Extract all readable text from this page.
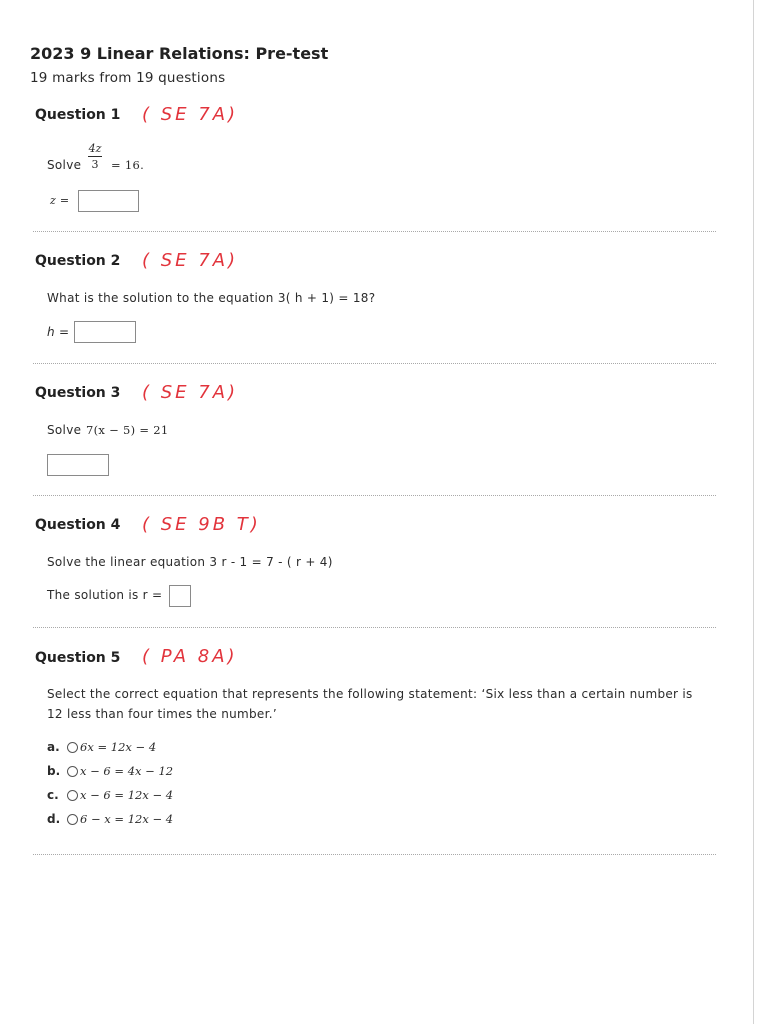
2023 9 Linear Relations: Pre-test
19 marks from 19 questions
Question 1 ( SE 7A)
Solve
4z
3 = 16.
z =
Question 2 ( SE 7A)
What is the solution to the equation 3( h + 1) = 18?
h =
Question 3 ( SE 7A)
Solve 7(x − 5) = 21
Question 4 ( SE 9B T)
Solve the linear equation 3 r - 1 = 7 - ( r + 4)
The solution is r =
Question 5 ( PA 8A)
Select the correct equation that represents the following statement: ‘Six less than a certain number is
12 less than four times the number.’
a.	6x = 12x − 4
b.	x − 6 = 4x − 12
c.	x − 6 = 12x − 4
d.	6 − x = 12x − 4
